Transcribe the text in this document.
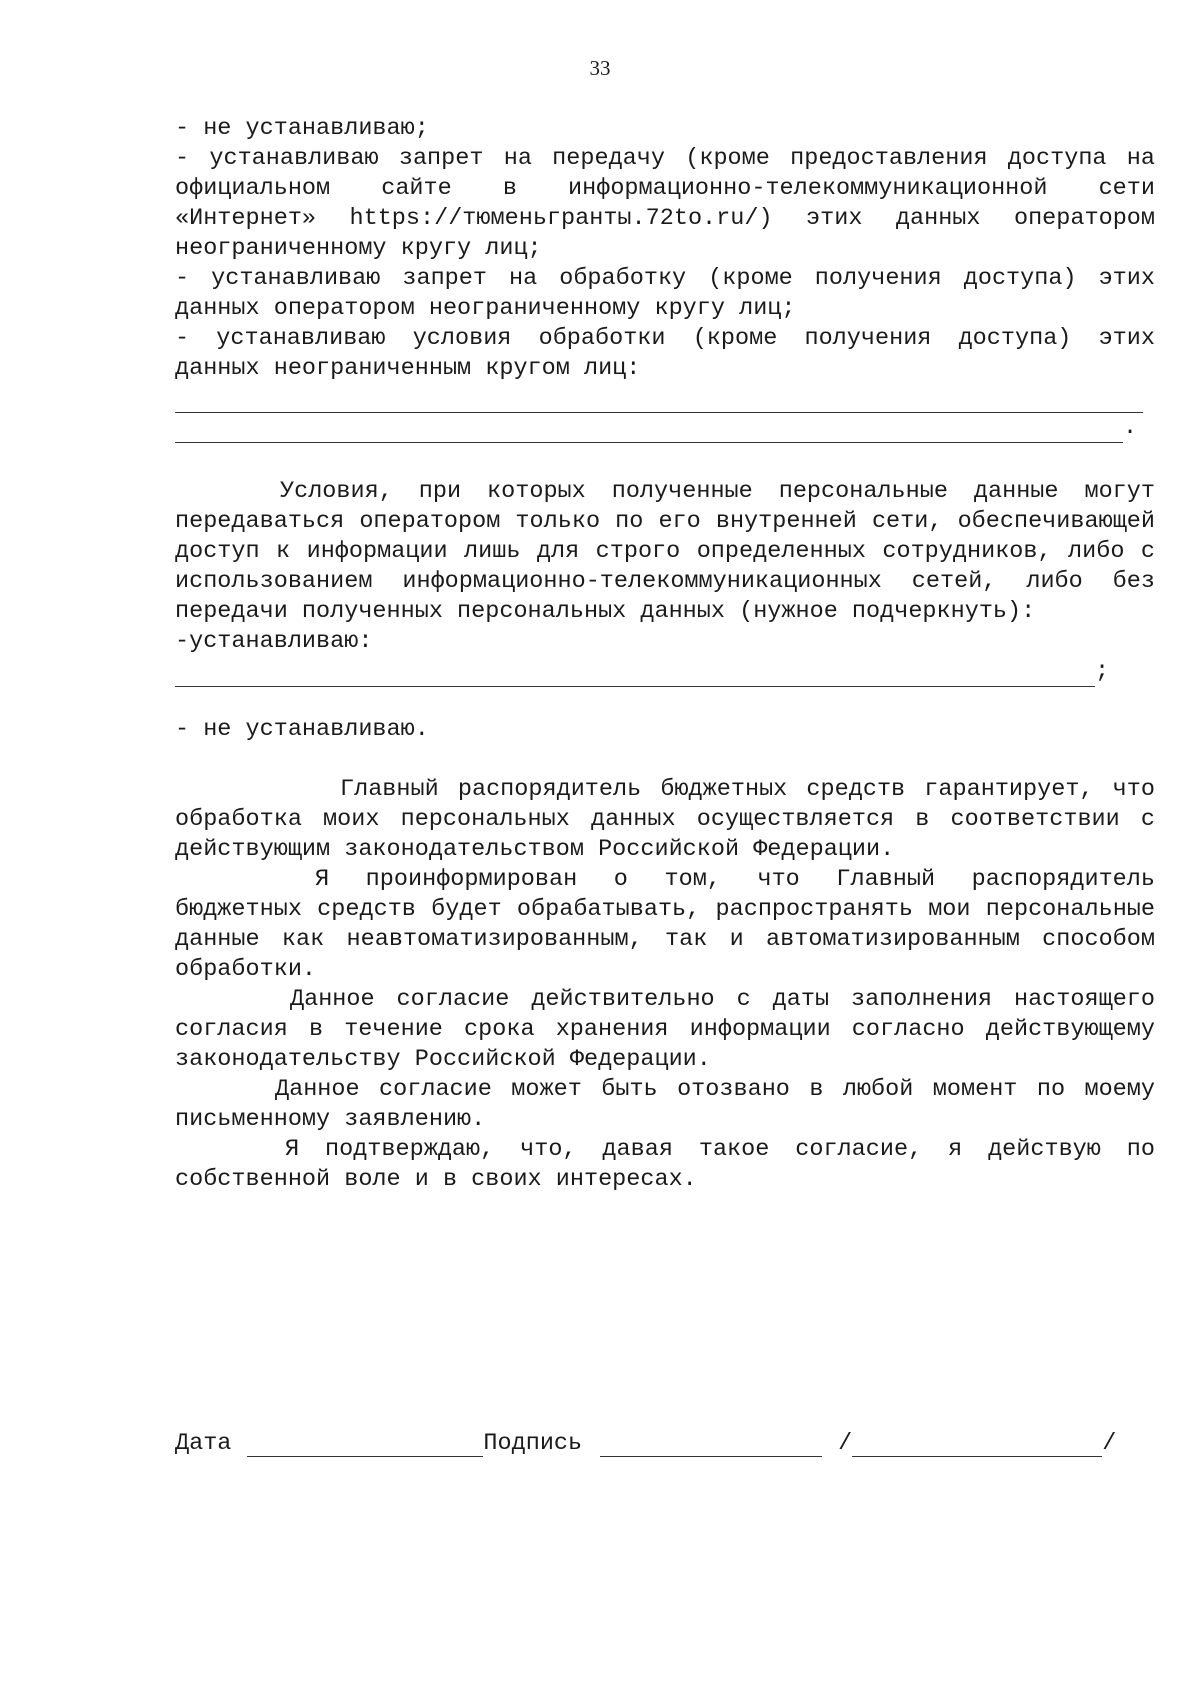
33

- не устанавливаю;

- устанавливаю запрет на передачу (кроме предоставления доступа на официальном сайте в информационно-телекоммуникационной сети «Интернет» https://тюменьгранты.72to.ru/) этих данных оператором неограниченному кругу лиц;

- устанавливаю запрет на обработку (кроме получения доступа) этих данных оператором неограниченному кругу лиц;

- устанавливаю условия обработки (кроме получения доступа) этих данных неограниченным кругом лиц:

.

Условия, при которых полученные персональные данные могут передаваться оператором только по его внутренней сети, обеспечивающей доступ к информации лишь для строго определенных сотрудников, либо с использованием информационно-телекоммуникационных сетей, либо без передачи полученных персональных данных (нужное подчеркнуть):

-устанавливаю:

;

- не устанавливаю.

Главный распорядитель бюджетных средств гарантирует, что обработка моих персональных данных осуществляется в соответствии с действующим законодательством Российской Федерации.

Я проинформирован о том, что Главный распорядитель бюджетных средств будет обрабатывать, распространять мои персональные данные как неавтоматизированным, так и автоматизированным способом обработки.

Данное согласие действительно с даты заполнения настоящего согласия в течение срока хранения информации согласно действующему законодательству Российской Федерации.

Данное согласие может быть отозвано в любой момент по моему письменному заявлению.

Я подтверждаю, что, давая такое согласие, я действую по собственной воле и в своих интересах.

Дата	Подпись	/	/
